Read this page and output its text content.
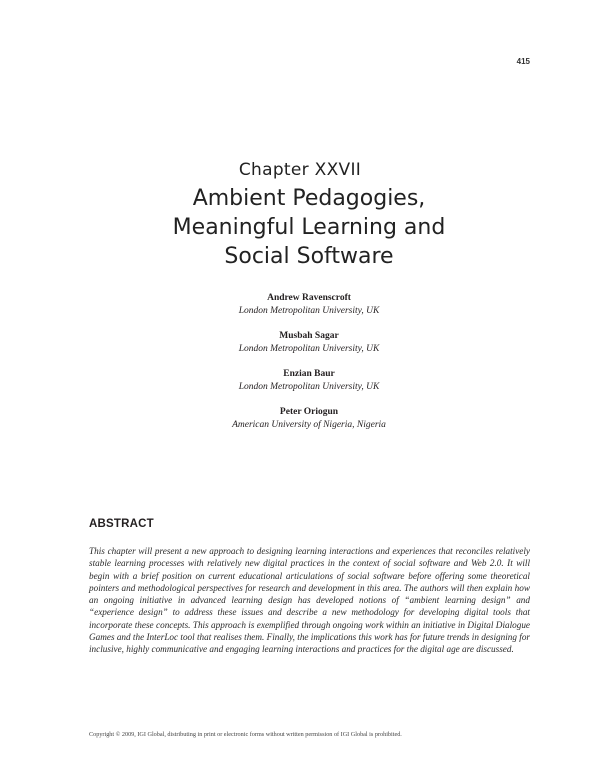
415
Chapter XXVII
Ambient Pedagogies,
Meaningful Learning and
Social Software
Andrew Ravenscroft
London Metropolitan University, UK
Musbah Sagar
London Metropolitan University, UK
Enzian Baur
London Metropolitan University, UK
Peter Oriogun
American University of Nigeria, Nigeria
ABSTRACT
This chapter will present a new approach to designing learning interactions and experiences that reconciles relatively stable learning processes with relatively new digital practices in the context of social software and Web 2.0. It will begin with a brief position on current educational articulations of social software before offering some theoretical pointers and methodological perspectives for research and development in this area. The authors will then explain how an ongoing initiative in advanced learning design has developed notions of “ambient learning design” and “experience design” to address these issues and describe a new methodology for developing digital tools that incorporate these concepts. This approach is exemplified through ongoing work within an initiative in Digital Dialogue Games and the InterLoc tool that realises them. Finally, the implications this work has for future trends in designing for inclusive, highly communicative and engaging learning interactions and practices for the digital age are discussed.
Copyright © 2009, IGI Global, distributing in print or electronic forms without written permission of IGI Global is prohibited.
